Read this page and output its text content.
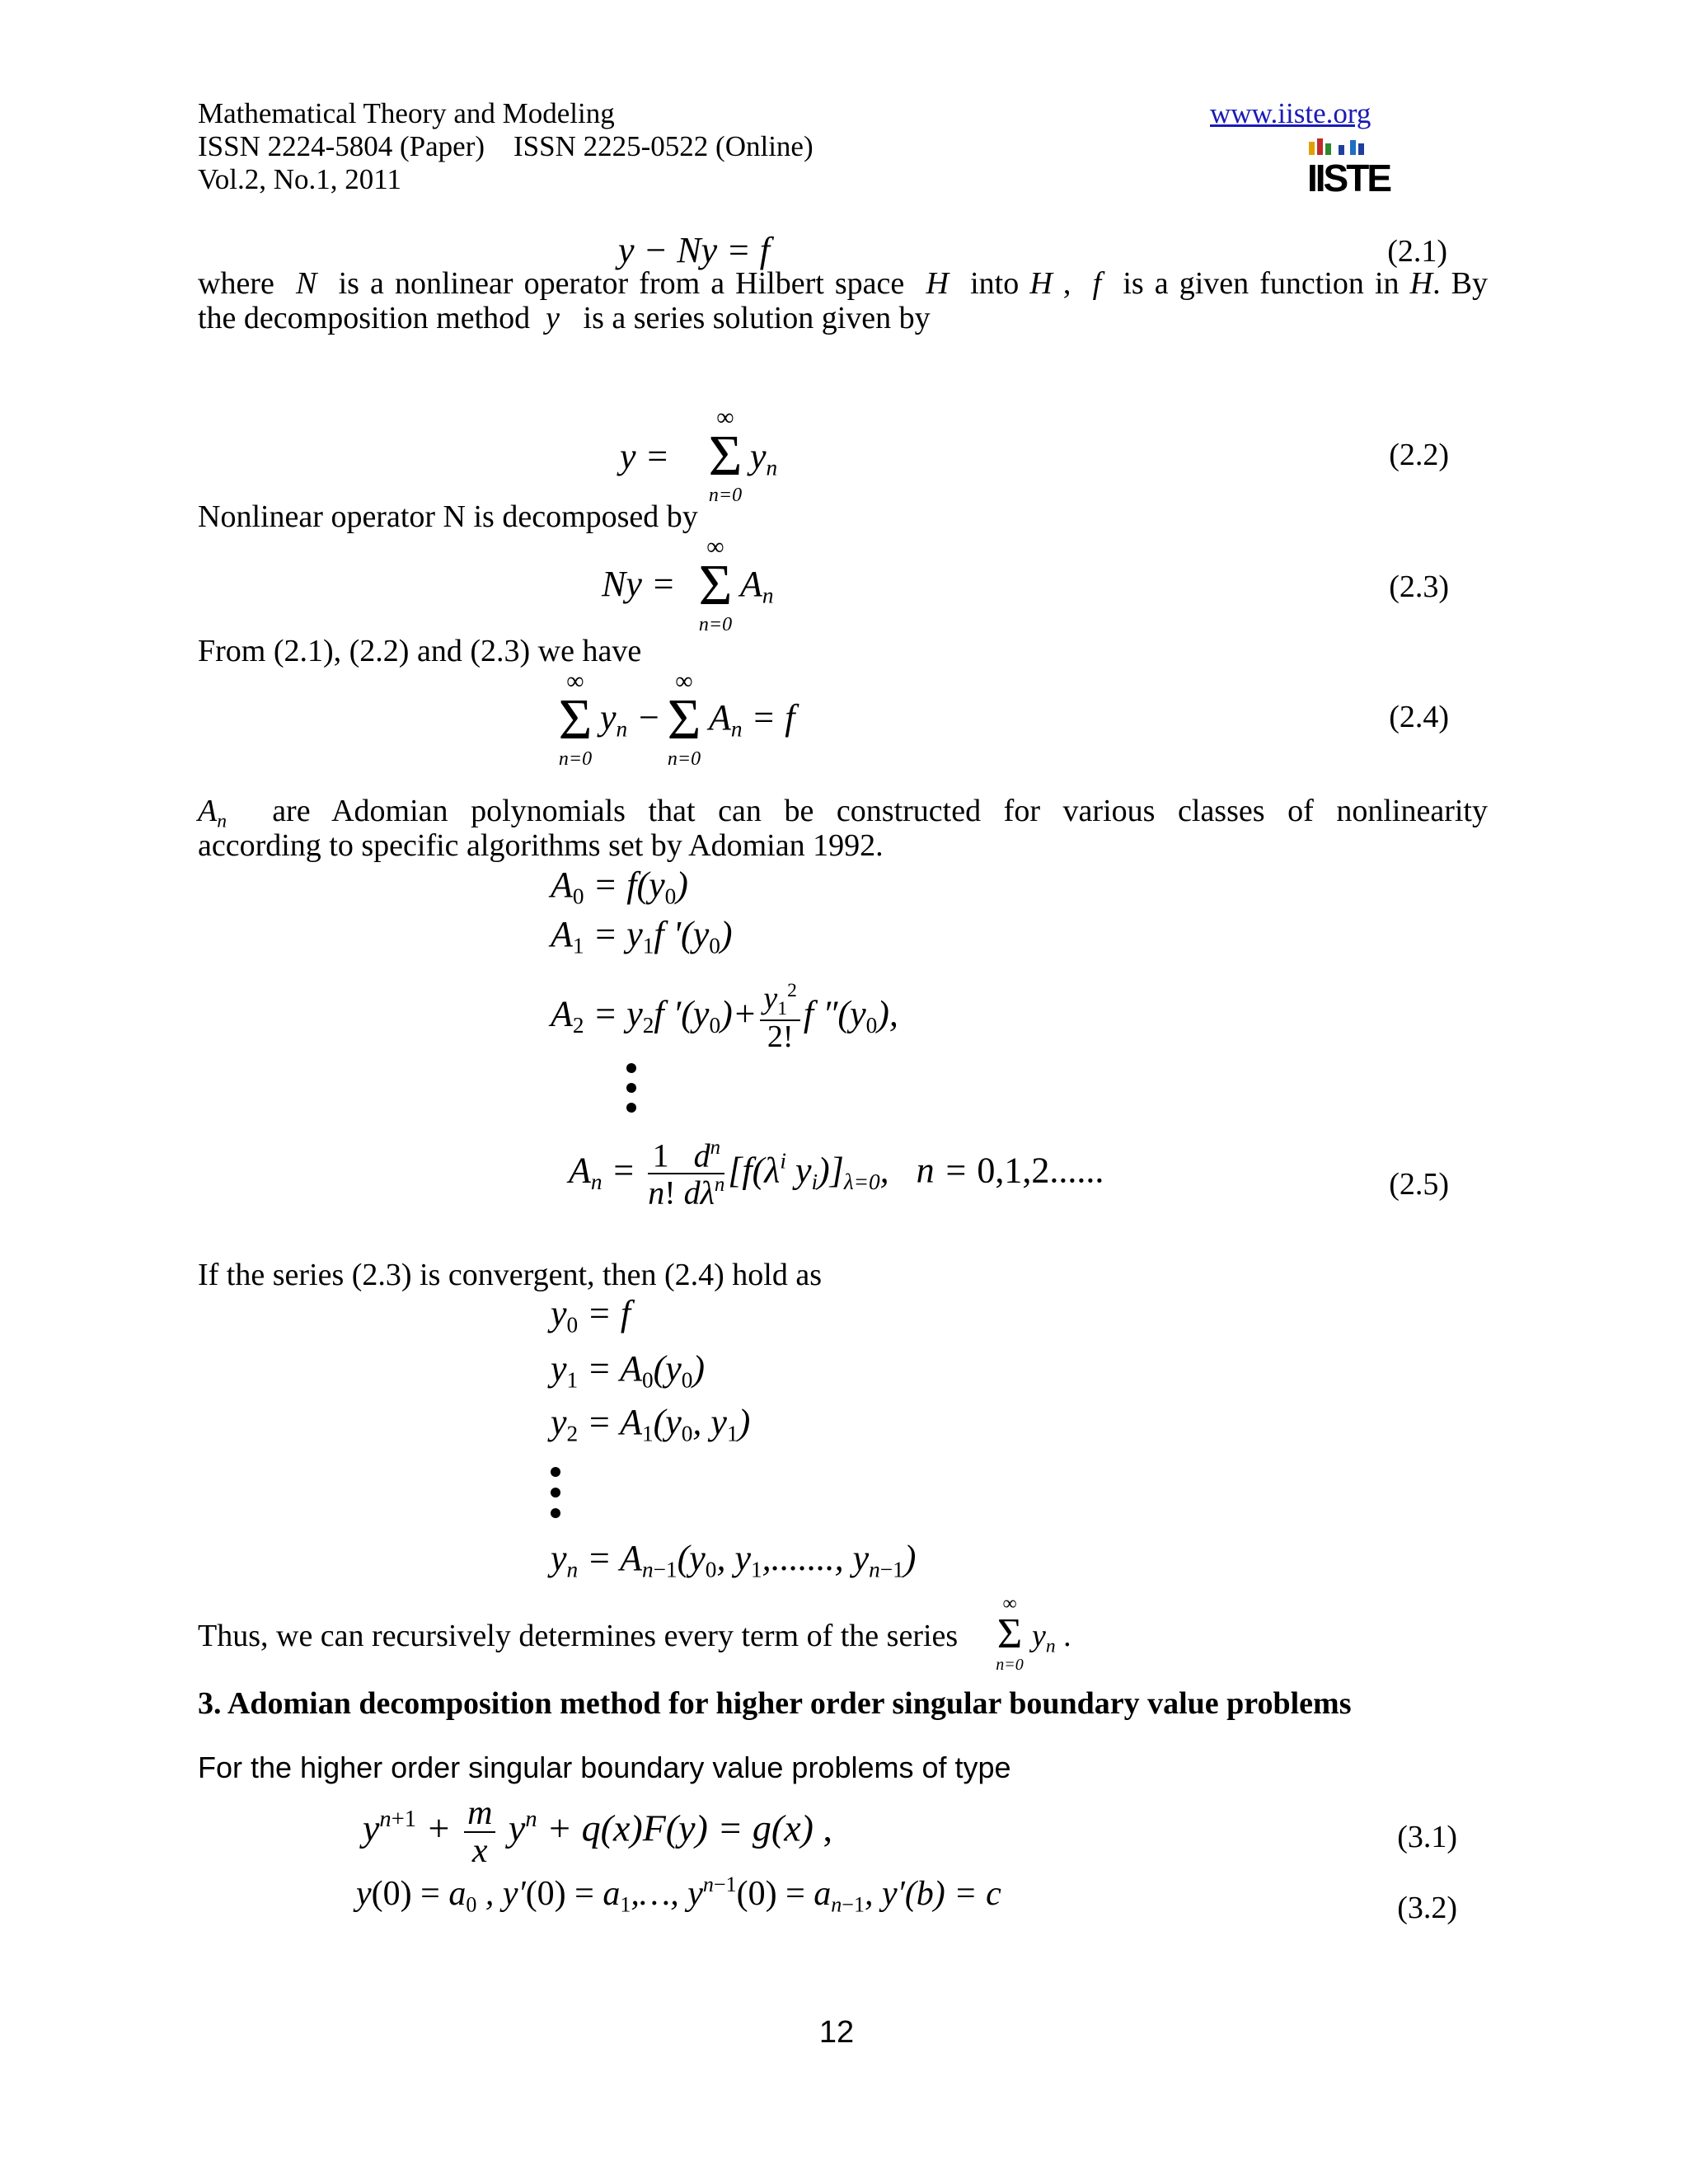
Mathematical Theory and Modeling
ISSN 2224-5804 (Paper)    ISSN 2225-0522 (Online)
Vol.2, No.1, 2011
www.iiste.org
IISTE
y − Ny = f	(2.1)
where N is a nonlinear operator from a Hilbert space H into H ,  f is a given function in H. By
the decomposition method y is a series solution given by
y =
∞
Σ
n=0
$y_n$	(2.2)
Nonlinear operator N is decomposed by
Ny =
∞
Σ
n=0
$A_n$	(2.3)
From (2.1), (2.2) and (2.3) we have
∞
Σ
n=0
$y_n$ −
∞
Σ
n=0
$A_n = f$	(2.4)
$A_n$ are Adomian polynomials that can be constructed for various classes of nonlinearity
according to specific algorithms set by Adomian 1992.
$A_0 = f(y_0)$
$A_1 = y_1f$ '$(y_0)$
$A_2 = y_2f$ $'(y_0)+ \frac{y_1^2}{2!}$ f $''(y_0)$,
$A_n = \frac{1 d^n}{n! d\lambda^n} [f(\lambda^i$ $y_i)]_{\lambda=0}$,   n = 0,1,2......	(2.5)
If the series (2.3) is convergent, then (2.4) hold as
$y_0 = f$
$y_1 = A_0(y_0)$
$y_2 = A_1(y_0$, $y_1$)
$y_n = A_{n-1}(y_0$, $y_1$,......., $y_{n-1}$)
Thus, we can recursively determines every term of the series
∞
Σ
n=0
$y_n$ .
3. Adomian decomposition method for higher order singular boundary value problems
For the higher order singular boundary value problems of type
$y^{n+1} + \frac{m}{x} y^n + q(x)F(y) = g(x)$ ,	(3.1)
$y(0) = a_0$ , $y'(0) = a_1,\dots$, $y^{n-1}(0) = a_{n-1}$, y′(b) = c	(3.2)
12
